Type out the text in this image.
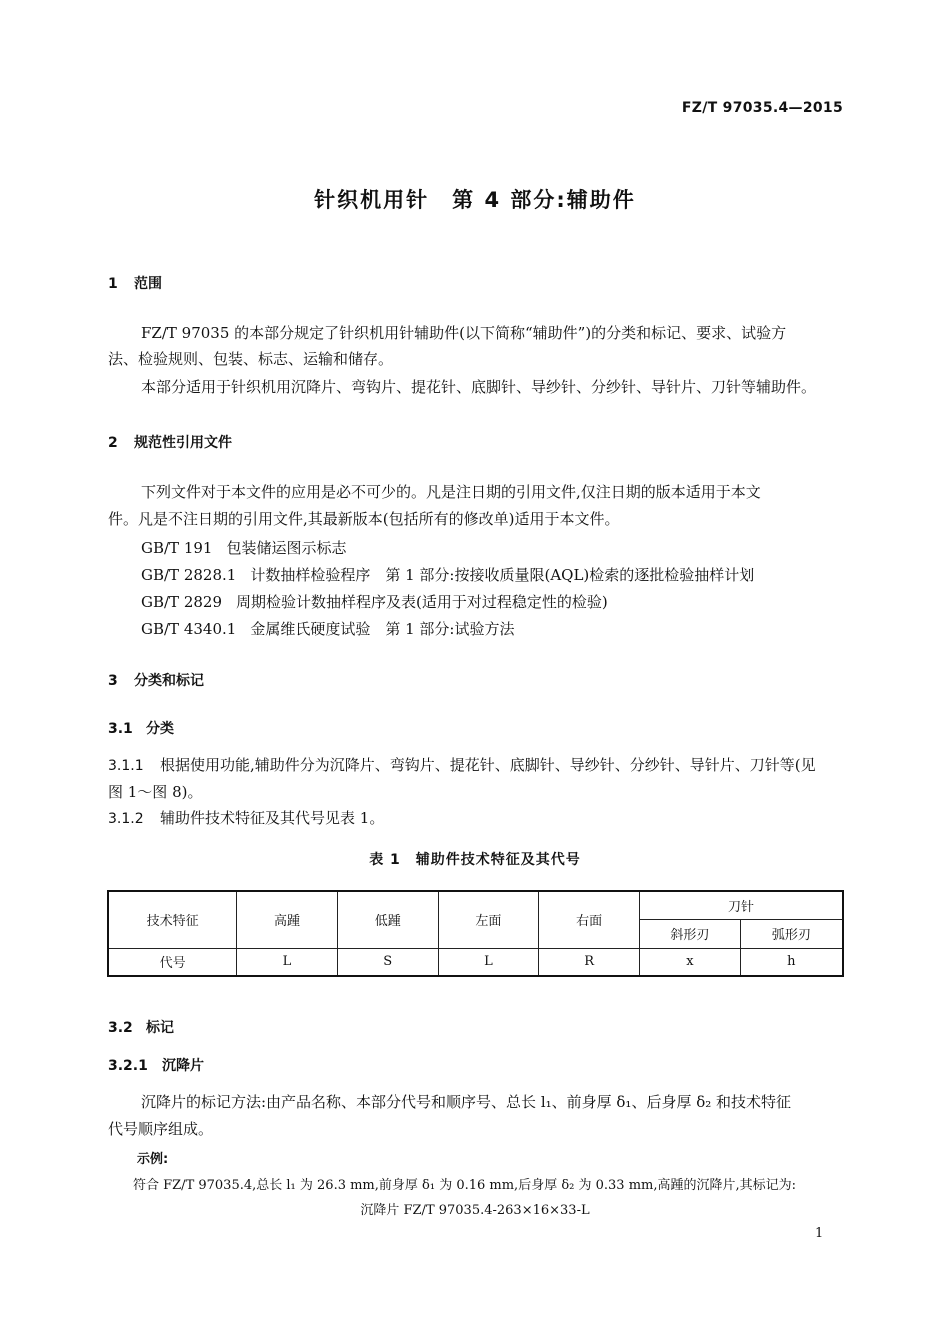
FZ/T 97035.4—2015
针织机用针　第 4 部分:辅助件
1 范围
FZ/T 97035 的本部分规定了针织机用针辅助件(以下简称“辅助件”)的分类和标记、要求、试验方
法、检验规则、包装、标志、运输和储存。
本部分适用于针织机用沉降片、弯钩片、提花针、底脚针、导纱针、分纱针、导针片、刀针等辅助件。
2 规范性引用文件
下列文件对于本文件的应用是必不可少的。凡是注日期的引用文件,仅注日期的版本适用于本文
件。凡是不注日期的引用文件,其最新版本(包括所有的修改单)适用于本文件。
GB/T 191 包装储运图示标志
GB/T 2828.1 计数抽样检验程序　第 1 部分:按接收质量限(AQL)检索的逐批检验抽样计划
GB/T 2829 周期检验计数抽样程序及表(适用于对过程稳定性的检验)
GB/T 4340.1 金属维氏硬度试验　第 1 部分:试验方法
3 分类和标记
3.1 分类
3.1.1 根据使用功能,辅助件分为沉降片、弯钩片、提花针、底脚针、导纱针、分纱针、导针片、刀针等(见
图 1～图 8)。
3.1.2 辅助件技术特征及其代号见表 1。
表 1　辅助件技术特征及其代号
技术特征	高踵	低踵	左面	右面	刀针	
					斜形刃	弧形刃
代号	L	S	L	R	x	h
3.2 标记
3.2.1 沉降片
沉降片的标记方法:由产品名称、本部分代号和顺序号、总长 l₁、前身厚 δ₁、后身厚 δ₂ 和技术特征
代号顺序组成。
示例:
符合 FZ/T 97035.4,总长 l₁ 为 26.3 mm,前身厚 δ₁ 为 0.16 mm,后身厚 δ₂ 为 0.33 mm,高踵的沉降片,其标记为:
沉降片 FZ/T 97035.4-263×16×33-L
1
